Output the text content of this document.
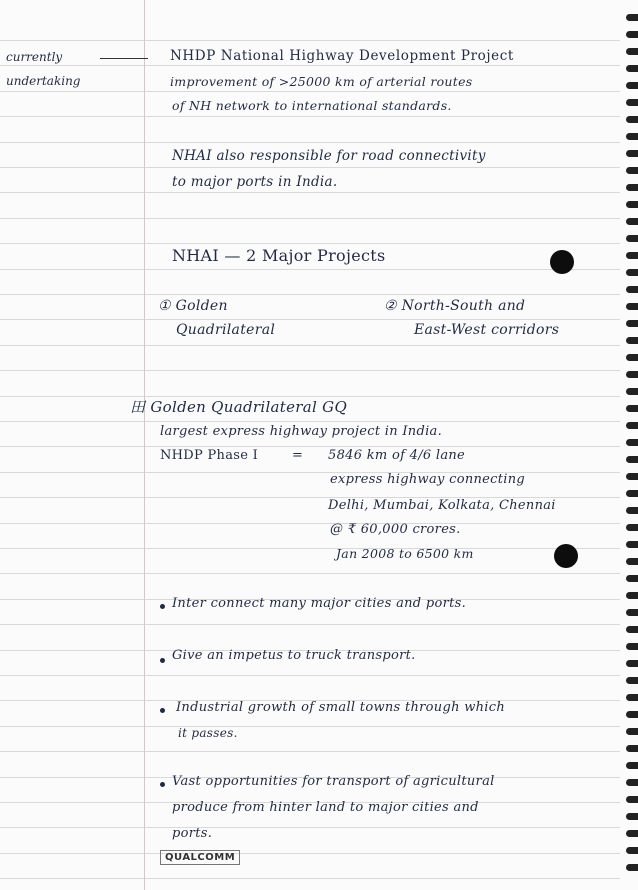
currently
undertaking
NHDP National Highway Development Project
improvement of >25000 km of arterial routes
of NH network to international standards.
NHAI also responsible for road connectivity
to major ports in India.
NHAI — 2 Major Projects
① Golden
Quadrilateral
② North-South and
East-West corridors
田 Golden Quadrilateral GQ
largest express highway project in India.
NHDP Phase I	= 5846 km of 4/6 lane
express highway connecting
Delhi, Mumbai, Kolkata, Chennai
@ ₹ 60,000 crores.
Jan 2008 to 6500 km
Inter connect many major cities and ports.
Give an impetus to truck transport.
Industrial growth of small towns through which
it passes.
Vast opportunities for transport of agricultural
produce from hinter land to major cities and
ports.
QUALCOMM
